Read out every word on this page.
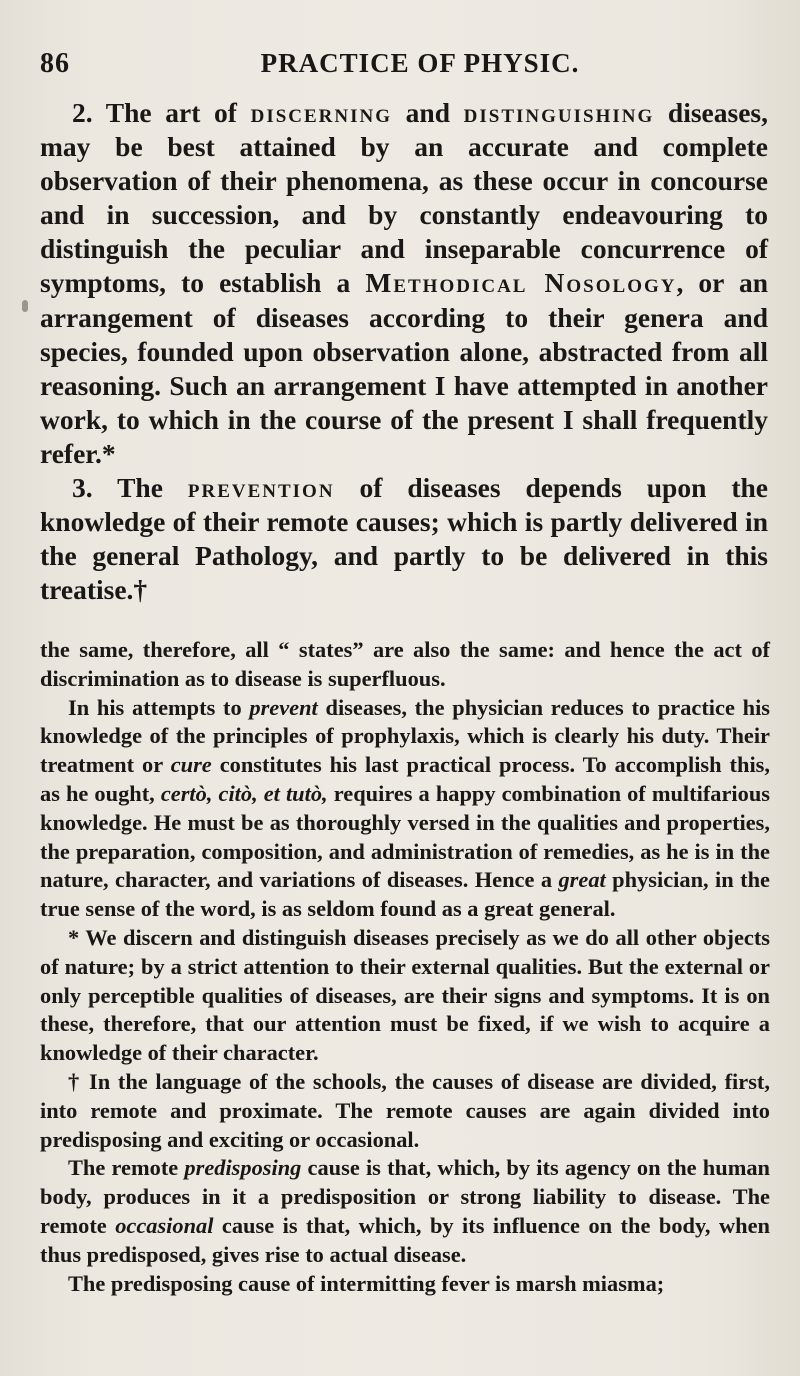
86	PRACTICE OF PHYSIC.

2. The art of discerning and distinguishing diseases, may be best attained by an accurate and complete observation of their phenomena, as these occur in concourse and in succession, and by constantly endeavouring to distinguish the peculiar and inseparable concurrence of symptoms, to establish a Methodical Nosology, or an arrangement of diseases according to their genera and species, founded upon observation alone, abstracted from all reasoning. Such an arrangement I have attempted in another work, to which in the course of the present I shall frequently refer.*

3. The prevention of diseases depends upon the knowledge of their remote causes; which is partly delivered in the general Pathology, and partly to be delivered in this treatise.†

the same, therefore, all “ states” are also the same: and hence the act of discrimination as to disease is superfluous.

In his attempts to prevent diseases, the physician reduces to practice his knowledge of the principles of prophylaxis, which is clearly his duty. Their treatment or cure constitutes his last practical process. To accomplish this, as he ought, certò, citò, et tutò, requires a happy combination of multifarious knowledge. He must be as thoroughly versed in the qualities and properties, the preparation, composition, and administration of remedies, as he is in the nature, character, and variations of diseases. Hence a great physician, in the true sense of the word, is as seldom found as a great general.

* We discern and distinguish diseases precisely as we do all other objects of nature; by a strict attention to their external qualities. But the external or only perceptible qualities of diseases, are their signs and symptoms. It is on these, therefore, that our attention must be fixed, if we wish to acquire a knowledge of their character.

† In the language of the schools, the causes of disease are divided, first, into remote and proximate. The remote causes are again divided into predisposing and exciting or occasional.

The remote predisposing cause is that, which, by its agency on the human body, produces in it a predisposition or strong liability to disease. The remote occasional cause is that, which, by its influence on the body, when thus predisposed, gives rise to actual disease.

The predisposing cause of intermitting fever is marsh miasma;
